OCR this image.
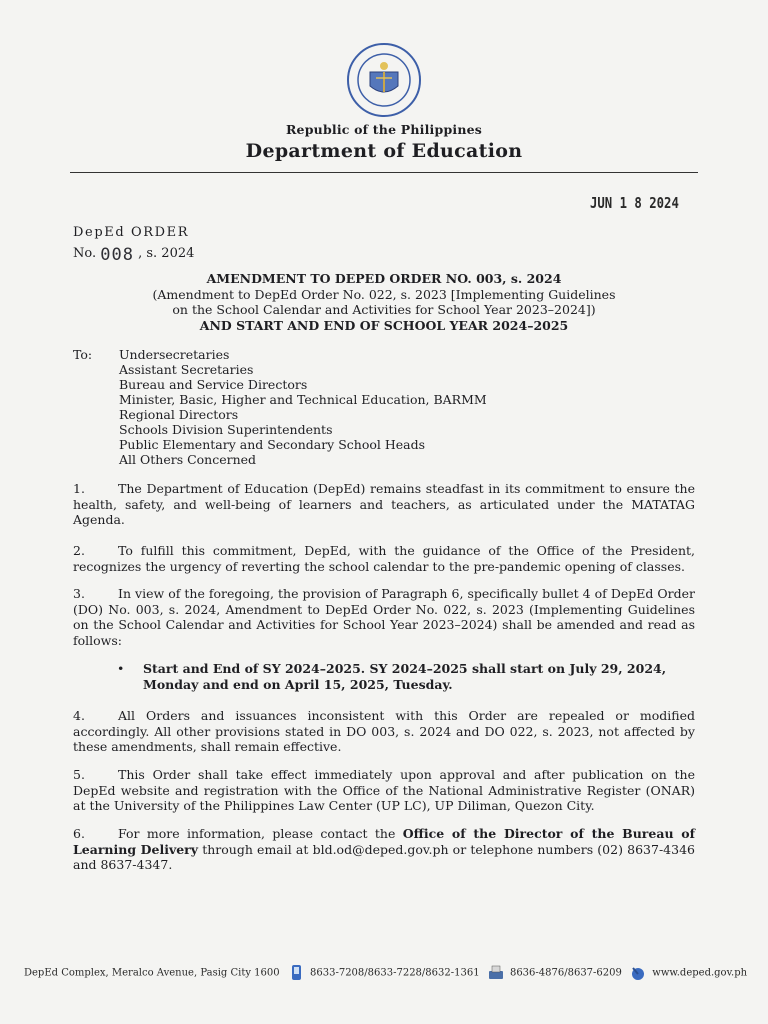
Republic of the Philippines
Department of Education
JUN 1 8 2024
DepEd ORDER
No. 008 , s. 2024
AMENDMENT TO DEPED ORDER NO. 003, s. 2024
(Amendment to DepEd Order No. 022, s. 2023 [Implementing Guidelines
on the School Calendar and Activities for School Year 2023–2024])
AND START AND END OF SCHOOL YEAR 2024–2025
To: Undersecretaries
Assistant Secretaries
Bureau and Service Directors
Minister, Basic, Higher and Technical Education, BARMM
Regional Directors
Schools Division Superintendents
Public Elementary and Secondary School Heads
All Others Concerned
1.	The Department of Education (DepEd) remains steadfast in its commitment to ensure the health, safety, and well-being of learners and teachers, as articulated under the MATATAG Agenda.
2.	To fulfill this commitment, DepEd, with the guidance of the Office of the President, recognizes the urgency of reverting the school calendar to the pre-pandemic opening of classes.
3.	In view of the foregoing, the provision of Paragraph 6, specifically bullet 4 of DepEd Order (DO) No. 003, s. 2024, Amendment to DepEd Order No. 022, s. 2023 (Implementing Guidelines on the School Calendar and Activities for School Year 2023–2024) shall be amended and read as follows:
•	Start and End of SY 2024–2025. SY 2024–2025 shall start on July 29, 2024, Monday and end on April 15, 2025, Tuesday.
4.	All Orders and issuances inconsistent with this Order are repealed or modified accordingly. All other provisions stated in DO 003, s. 2024 and DO 022, s. 2023, not affected by these amendments, shall remain effective.
5.	This Order shall take effect immediately upon approval and after publication on the DepEd website and registration with the Office of the National Administrative Register (ONAR) at the University of the Philippines Law Center (UP LC), UP Diliman, Quezon City.
6.	For more information, please contact the Office of the Director of the Bureau of Learning Delivery through email at bld.od@deped.gov.ph or telephone numbers (02) 8637-4346 and 8637-4347.
DepEd Complex, Meralco Avenue, Pasig City 1600	8633-7208/8633-7228/8632-1361	8636-4876/8637-6209	www.deped.gov.ph
